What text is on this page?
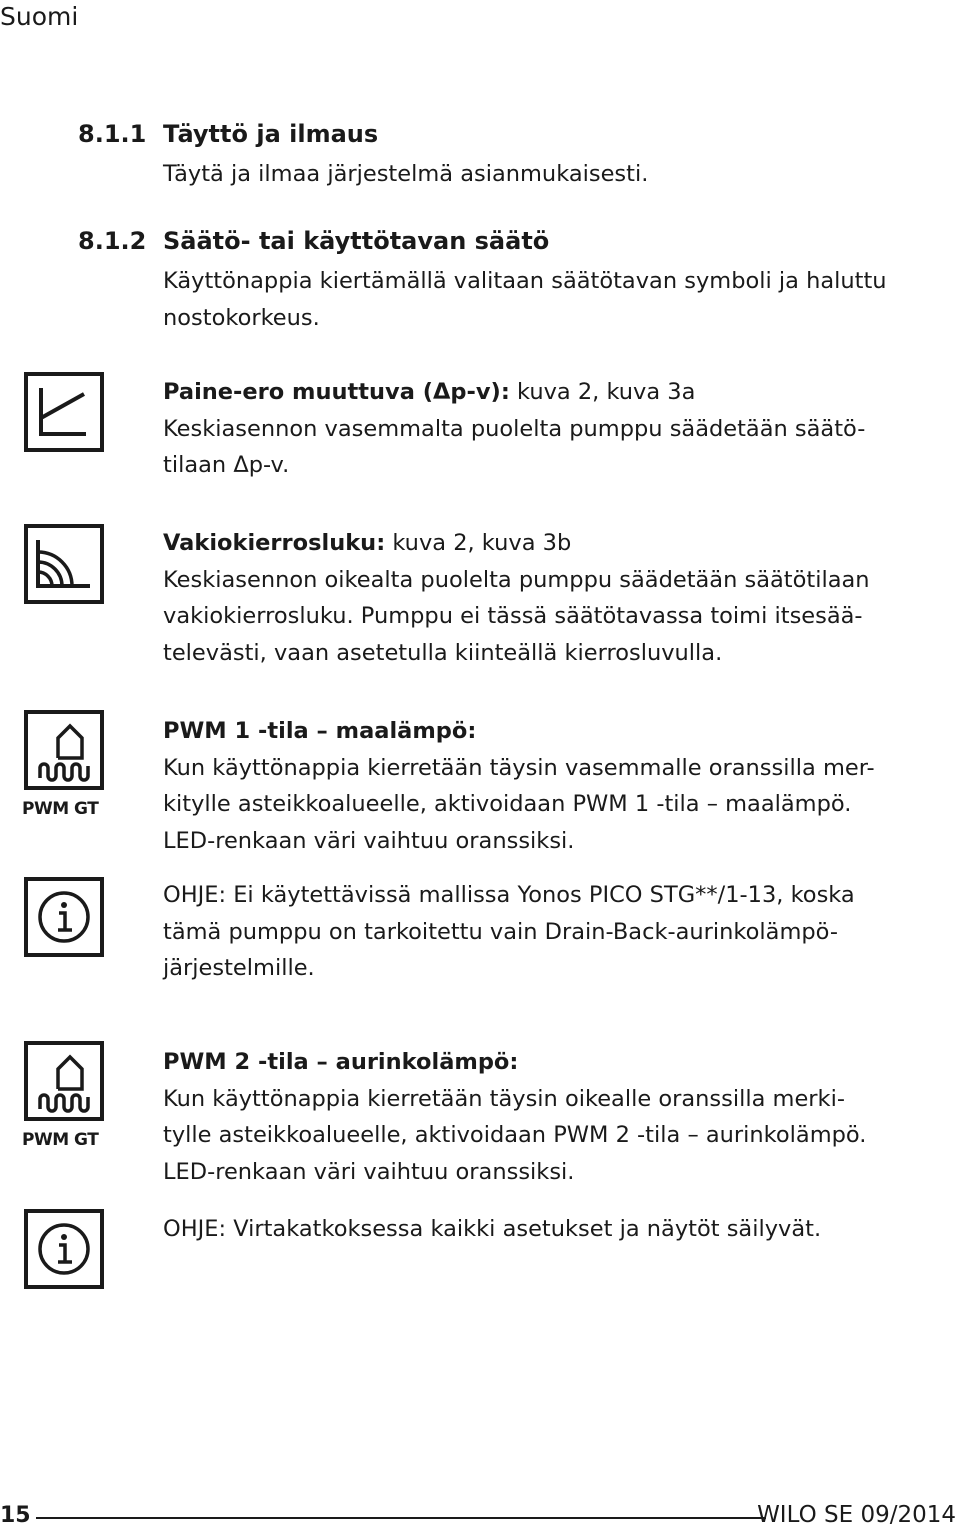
Suomi
8.1.1 Täyttö ja ilmaus
Täytä ja ilmaa järjestelmä asianmukaisesti.
8.1.2 Säätö- tai käyttötavan säätö
Käyttönappia kiertämällä valitaan säätötavan symboli ja haluttu
nostokorkeus.
Paine-ero muuttuva (Δp-v): kuva 2, kuva 3a
Keskiasennon vasemmalta puolelta pumppu säädetään säätö-
tilaan Δp-v.
Vakiokierrosluku: kuva 2, kuva 3b
Keskiasennon oikealta puolelta pumppu säädetään säätötilaan
vakiokierrosluku. Pumppu ei tässä säätötavassa toimi itsesää-
televästi, vaan asetetulla kiinteällä kierrosluvulla.
PWM GT
PWM 1 -tila – maalämpö:
Kun käyttönappia kierretään täysin vasemmalle oranssilla mer-
kitylle asteikkoalueelle, aktivoidaan PWM 1 -tila – maalämpö.
LED-renkaan väri vaihtuu oranssiksi.
OHJE: Ei käytettävissä mallissa Yonos PICO STG**/1-13, koska
tämä pumppu on tarkoitettu vain Drain-Back-aurinkolämpö-
järjestelmille.
PWM GT
PWM 2 -tila – aurinkolämpö:
Kun käyttönappia kierretään täysin oikealle oranssilla merki-
tylle asteikkoalueelle, aktivoidaan PWM 2 -tila – aurinkolämpö.
LED-renkaan väri vaihtuu oranssiksi.
OHJE: Virtakatkoksessa kaikki asetukset ja näytöt säilyvät.
15	WILO SE 09/2014
